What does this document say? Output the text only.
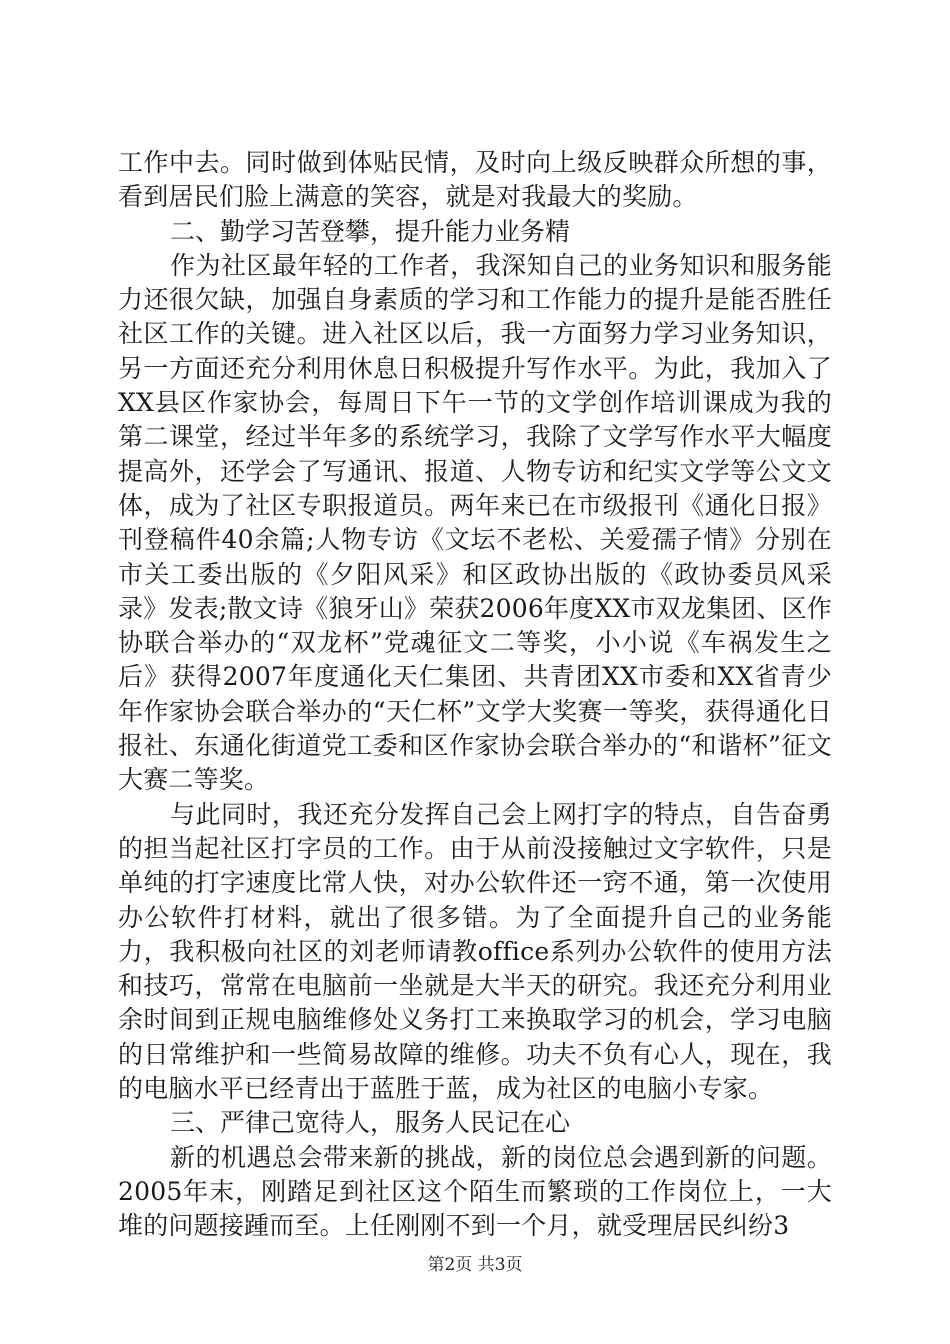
工作中去。同时做到体贴民情，及时向上级反映群众所想的事，看到居民们脸上满意的笑容，就是对我最大的奖励。

二、勤学习苦登攀，提升能力业务精

作为社区最年轻的工作者，我深知自己的业务知识和服务能力还很欠缺，加强自身素质的学习和工作能力的提升是能否胜任社区工作的关键。进入社区以后，我一方面努力学习业务知识，另一方面还充分利用休息日积极提升写作水平。为此，我加入了XX县区作家协会，每周日下午一节的文学创作培训课成为我的第二课堂，经过半年多的系统学习，我除了文学写作水平大幅度提高外，还学会了写通讯、报道、人物专访和纪实文学等公文文体，成为了社区专职报道员。两年来已在市级报刊《通化日报》刊登稿件40余篇;人物专访《文坛不老松、关爱孺子情》分别在市关工委出版的《夕阳风采》和区政协出版的《政协委员风采录》发表;散文诗《狼牙山》荣获2006年度XX市双龙集团、区作协联合举办的“双龙杯”党魂征文二等奖，小小说《车祸发生之后》获得2007年度通化天仁集团、共青团XX市委和XX省青少年作家协会联合举办的“天仁杯”文学大奖赛一等奖，获得通化日报社、东通化街道党工委和区作家协会联合举办的“和谐杯”征文大赛二等奖。

与此同时，我还充分发挥自己会上网打字的特点，自告奋勇的担当起社区打字员的工作。由于从前没接触过文字软件，只是单纯的打字速度比常人快，对办公软件还一窍不通，第一次使用办公软件打材料，就出了很多错。为了全面提升自己的业务能力，我积极向社区的刘老师请教office系列办公软件的使用方法和技巧，常常在电脑前一坐就是大半天的研究。我还充分利用业余时间到正规电脑维修处义务打工来换取学习的机会，学习电脑的日常维护和一些简易故障的维修。功夫不负有心人，现在，我的电脑水平已经青出于蓝胜于蓝，成为社区的电脑小专家。

三、严律己宽待人，服务人民记在心

新的机遇总会带来新的挑战，新的岗位总会遇到新的问题。2005年末，刚踏足到社区这个陌生而繁琐的工作岗位上，一大堆的问题接踵而至。上任刚刚不到一个月，就受理居民纠纷3

第2页 共3页
